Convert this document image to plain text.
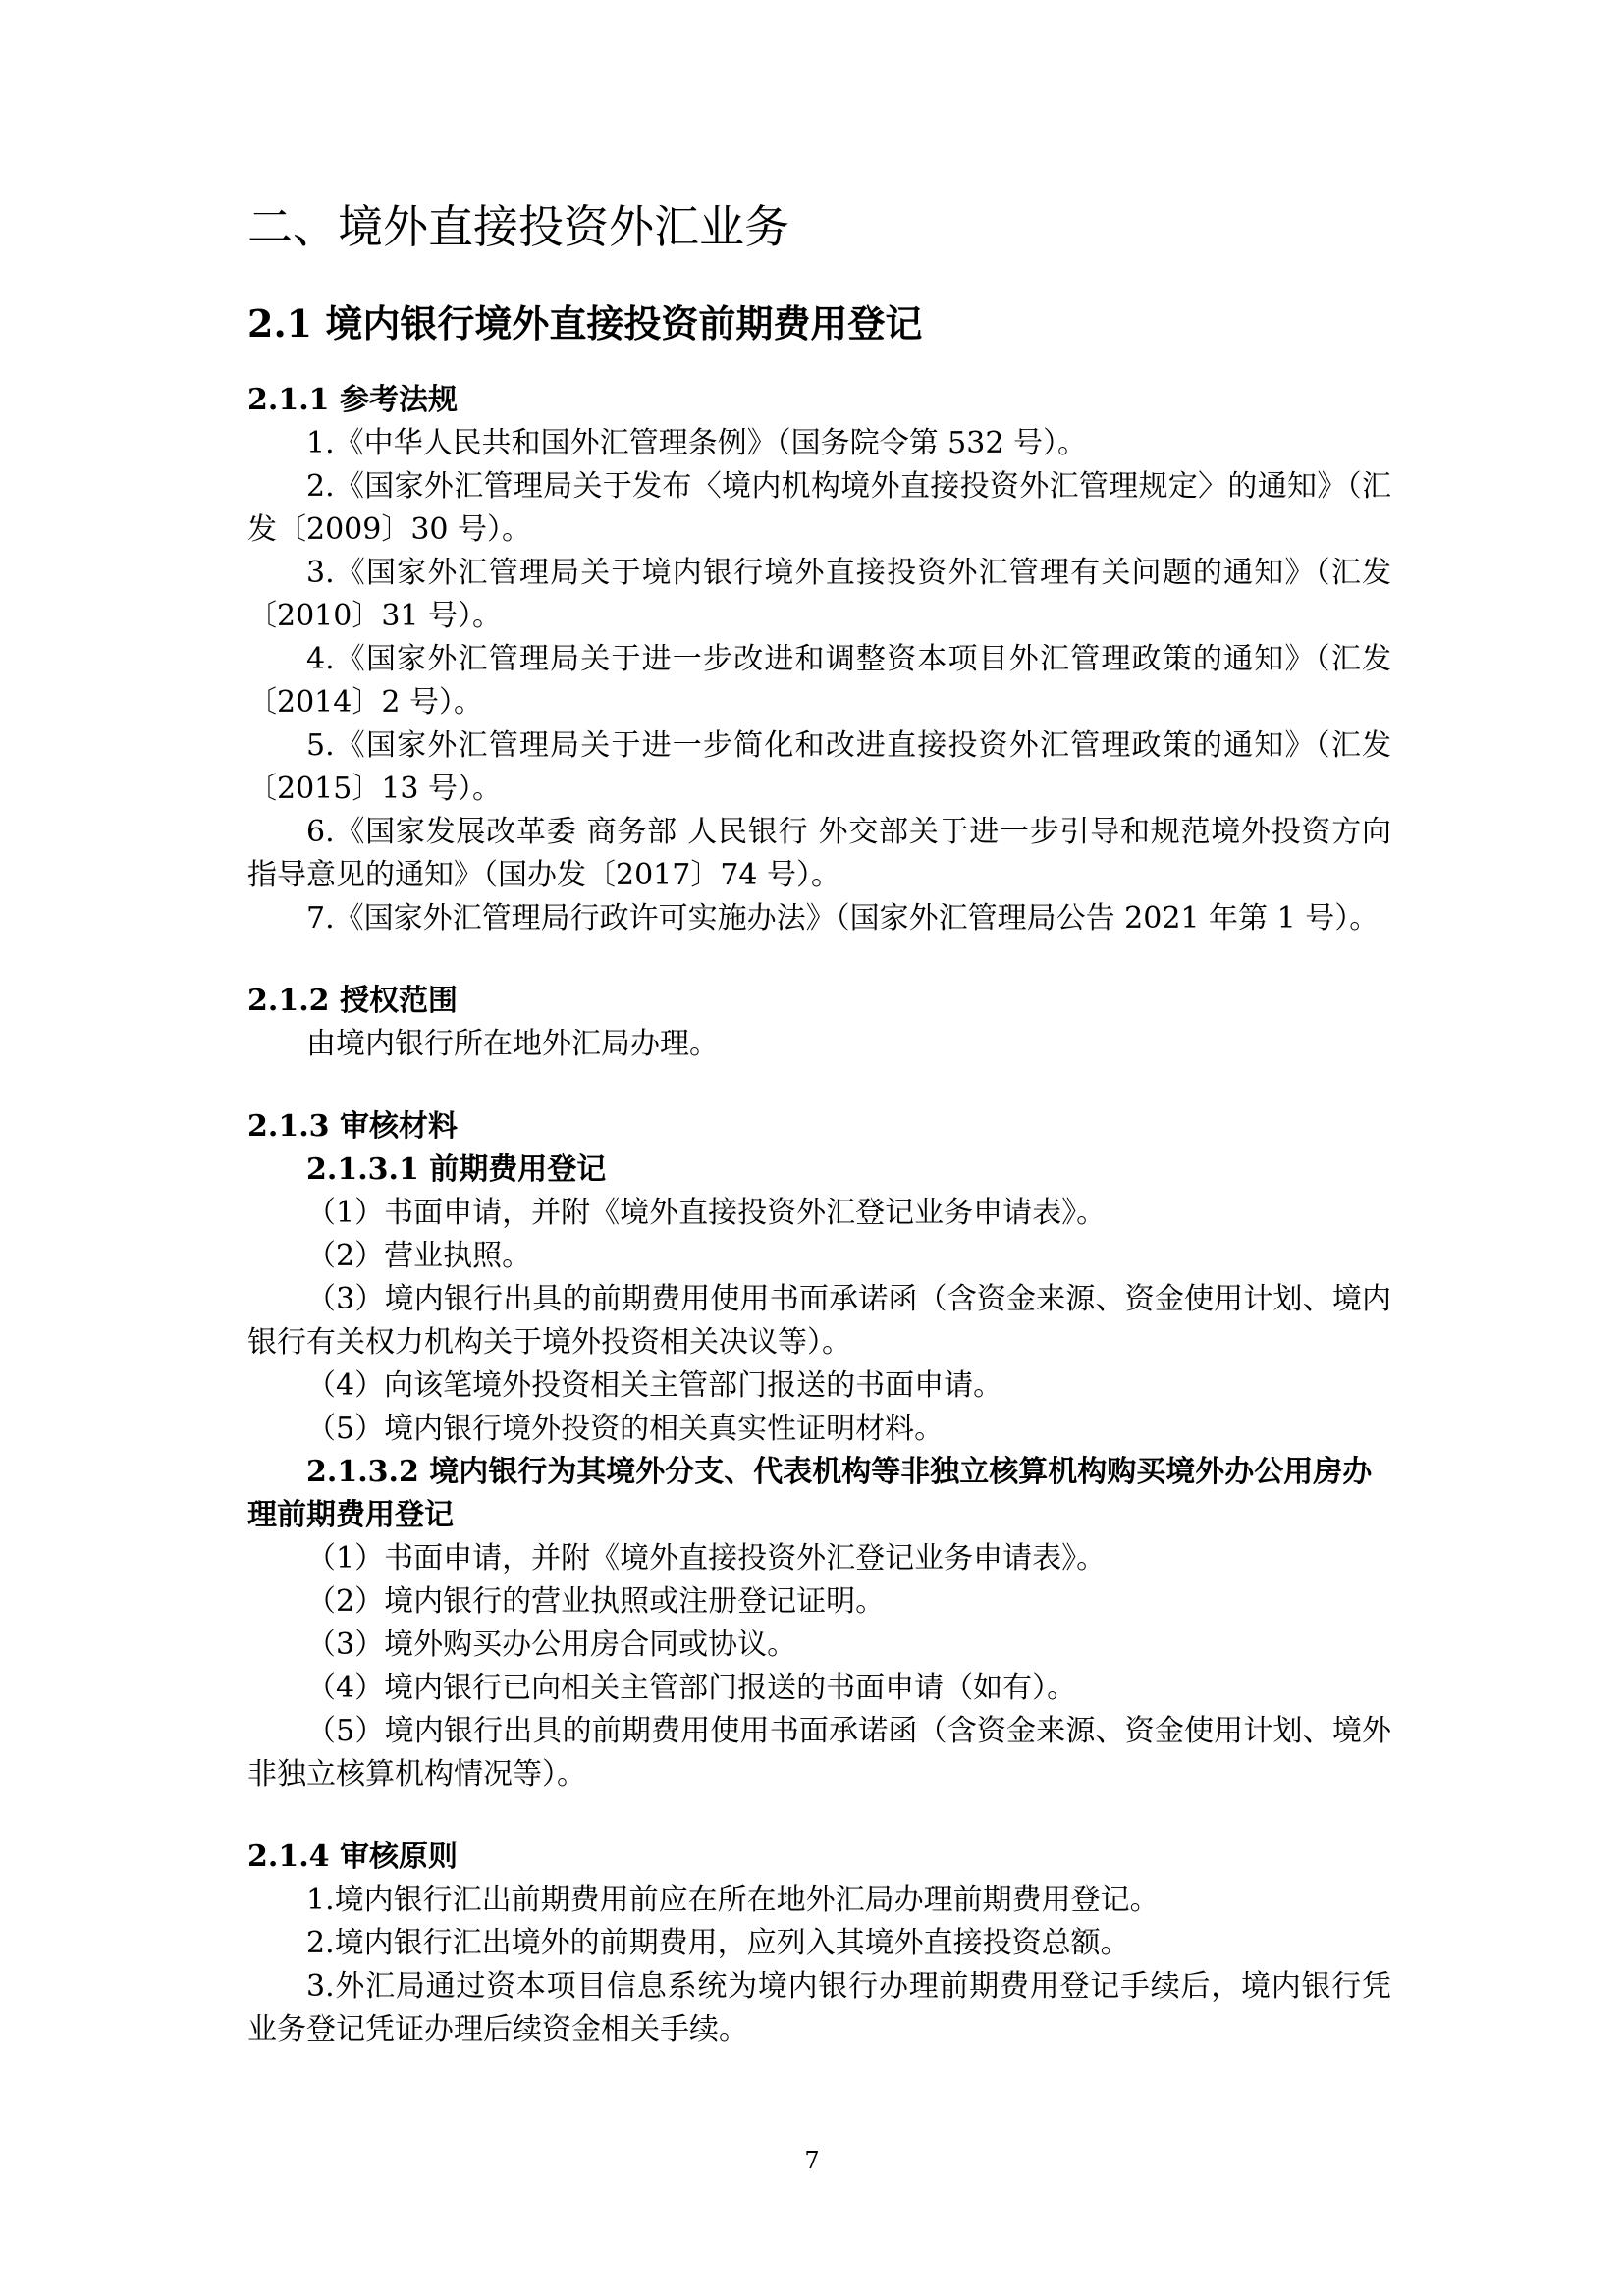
二、境外直接投资外汇业务
2.1 境内银行境外直接投资前期费用登记

2.1.1 参考法规

1.《中华人民共和国外汇管理条例》（国务院令第 532 号）。

2.《国家外汇管理局关于发布〈境内机构境外直接投资外汇管理规定〉的通知》（汇发〔2009〕30 号）。

3.《国家外汇管理局关于境内银行境外直接投资外汇管理有关问题的通知》（汇发〔2010〕31 号）。

4.《国家外汇管理局关于进一步改进和调整资本项目外汇管理政策的通知》（汇发〔2014〕2 号）。

5.《国家外汇管理局关于进一步简化和改进直接投资外汇管理政策的通知》（汇发〔2015〕13 号）。

6.《国家发展改革委 商务部 人民银行 外交部关于进一步引导和规范境外投资方向指导意见的通知》（国办发〔2017〕74 号）。

7.《国家外汇管理局行政许可实施办法》（国家外汇管理局公告 2021 年第 1 号）。

2.1.2 授权范围

由境内银行所在地外汇局办理。

2.1.3 审核材料

2.1.3.1 前期费用登记

（1）书面申请，并附《境外直接投资外汇登记业务申请表》。

（2）营业执照。

（3）境内银行出具的前期费用使用书面承诺函（含资金来源、资金使用计划、境内银行有关权力机构关于境外投资相关决议等）。

（4）向该笔境外投资相关主管部门报送的书面申请。

（5）境内银行境外投资的相关真实性证明材料。

2.1.3.2 境内银行为其境外分支、代表机构等非独立核算机构购买境外办公用房办理前期费用登记

（1）书面申请，并附《境外直接投资外汇登记业务申请表》。

（2）境内银行的营业执照或注册登记证明。

（3）境外购买办公用房合同或协议。

（4）境内银行已向相关主管部门报送的书面申请（如有）。

（5）境内银行出具的前期费用使用书面承诺函（含资金来源、资金使用计划、境外非独立核算机构情况等）。

2.1.4 审核原则

1.境内银行汇出前期费用前应在所在地外汇局办理前期费用登记。

2.境内银行汇出境外的前期费用，应列入其境外直接投资总额。

3.外汇局通过资本项目信息系统为境内银行办理前期费用登记手续后，境内银行凭业务登记凭证办理后续资金相关手续。

7
